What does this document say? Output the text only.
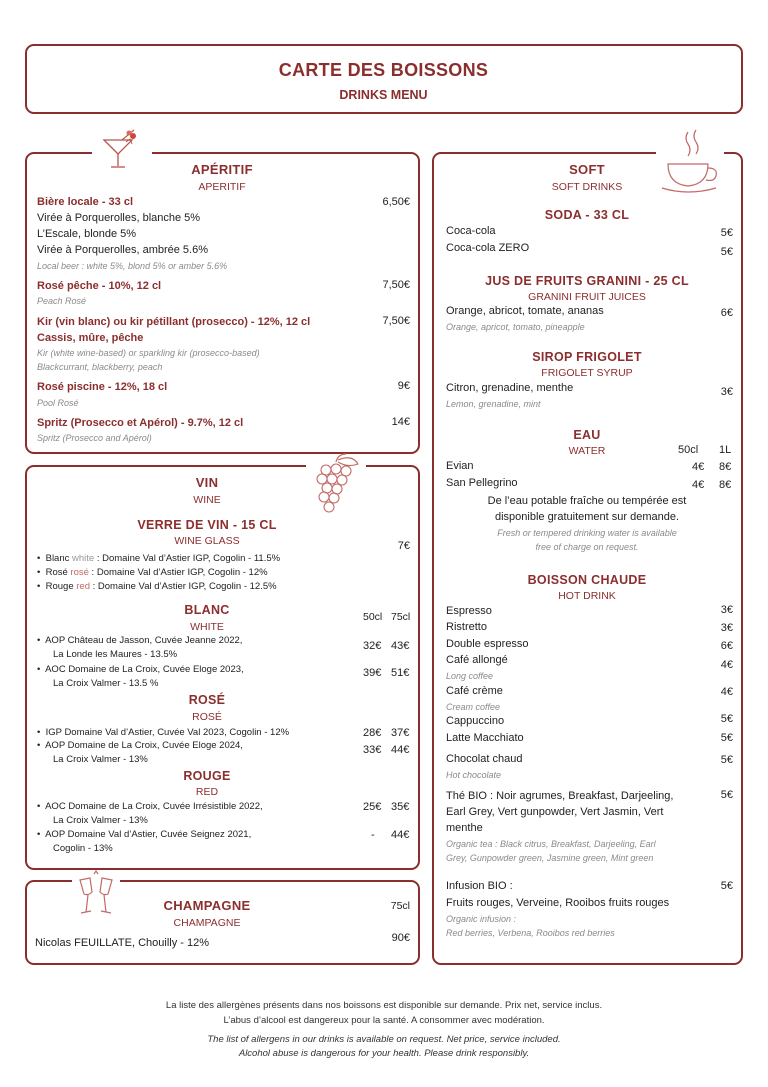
CARTE DES BOISSONS
DRINKS MENU
APÉRITIF
APERITIF
Bière locale - 33 cl	6,50€
Virée à Porquerolles, blanche 5%
L’Escale, blonde 5%
Virée à Porquerolles, ambrée 5.6%
Local beer : white 5%, blond 5% or amber 5.6%
Rosé pêche - 10%, 12 cl	7,50€
Peach Rosé
Kir (vin blanc) ou kir pétillant (prosecco) - 12%, 12 cl	7,50€
Cassis, mûre, pêche
Kir (white wine-based) or sparkling kir (prosecco-based)
Blackcurrant, blackberry, peach
Rosé piscine - 12%, 18 cl	9€
Pool Rosé
Spritz (Prosecco et Apérol) - 9.7%, 12 cl	14€
Spritz (Prosecco and Apérol)
VIN
WINE
VERRE DE VIN - 15 CL
WINE GLASS	7€
•  Blanc white : Domaine Val d’Astier IGP, Cogolin - 11.5%
•  Rosé rosé : Domaine Val d’Astier IGP, Cogolin - 12%
•  Rouge red : Domaine Val d’Astier IGP, Cogolin - 12.5%
BLANC
WHITE
50cl 75cl
•  AOP Château de Jasson, Cuvée Jeanne 2022,
La Londe les Maures - 13.5%
32€ 43€
•  AOC Domaine de La Croix, Cuvée Eloge 2023,
La Croix Valmer - 13.5 %
39€ 51€
ROSÉ
ROSÉ
•  IGP Domaine Val d’Astier, Cuvée Val 2023, Cogolin - 12%	28€ 37€
•  AOP Domaine de La Croix, Cuvée Eloge 2024,
La Croix Valmer - 13%
33€ 44€
ROUGE
RED
•  AOC Domaine de La Croix, Cuvée Irrésistible 2022,
La Croix Valmer - 13%
25€ 35€
•  AOP Domaine Val d’Astier, Cuvée Seignez 2021,
Cogolin - 13%
- 44€
CHAMPAGNE
CHAMPAGNE
75cl
Nicolas FEUILLATE, Chouilly - 12%	90€
SOFT
SOFT DRINKS
SODA - 33 CL
Coca-cola	5€
Coca-cola ZERO	5€
JUS DE FRUITS GRANINI - 25 CL
GRANINI FRUIT JUICES
Orange, abricot, tomate, ananas
Orange, apricot, tomato, pineapple
6€
SIROP FRIGOLET
FRIGOLET SYRUP
Citron, grenadine, menthe
Lemon, grenadine, mint
3€
EAU
WATER	50cl 1L
Evian	4€ 8€
San Pellegrino	4€ 8€
De l’eau potable fraîche ou tempérée est
disponible gratuitement sur demande.
Fresh or tempered drinking water is available
free of charge on request.
BOISSON CHAUDE
HOT DRINK
Espresso	3€
Ristretto	3€
Double espresso	6€
Café allongé
Long coffee
4€
Café crème
Cream coffee
4€
Cappuccino	5€
Latte Macchiato	5€
Chocolat chaud
Hot chocolate
5€
Thé BIO : Noir agrumes, Breakfast, Darjeeling,
Earl Grey, Vert gunpowder, Vert Jasmin, Vert
menthe
Organic tea : Black citrus, Breakfast, Darjeeling, Earl
Grey, Gunpowder green, Jasmine green, Mint green
5€
Infusion BIO :
Fruits rouges, Verveine, Rooibos fruits rouges
Organic infusion :
Red berries, Verbena, Rooibos red berries
5€
La liste des allergènes présents dans nos boissons est disponible sur demande. Prix net, service inclus.
L’abus d’alcool est dangereux pour la santé. A consommer avec modération.
The list of allergens in our drinks is available on request. Net price, service included.
Alcohol abuse is dangerous for your health. Please drink responsibly.
